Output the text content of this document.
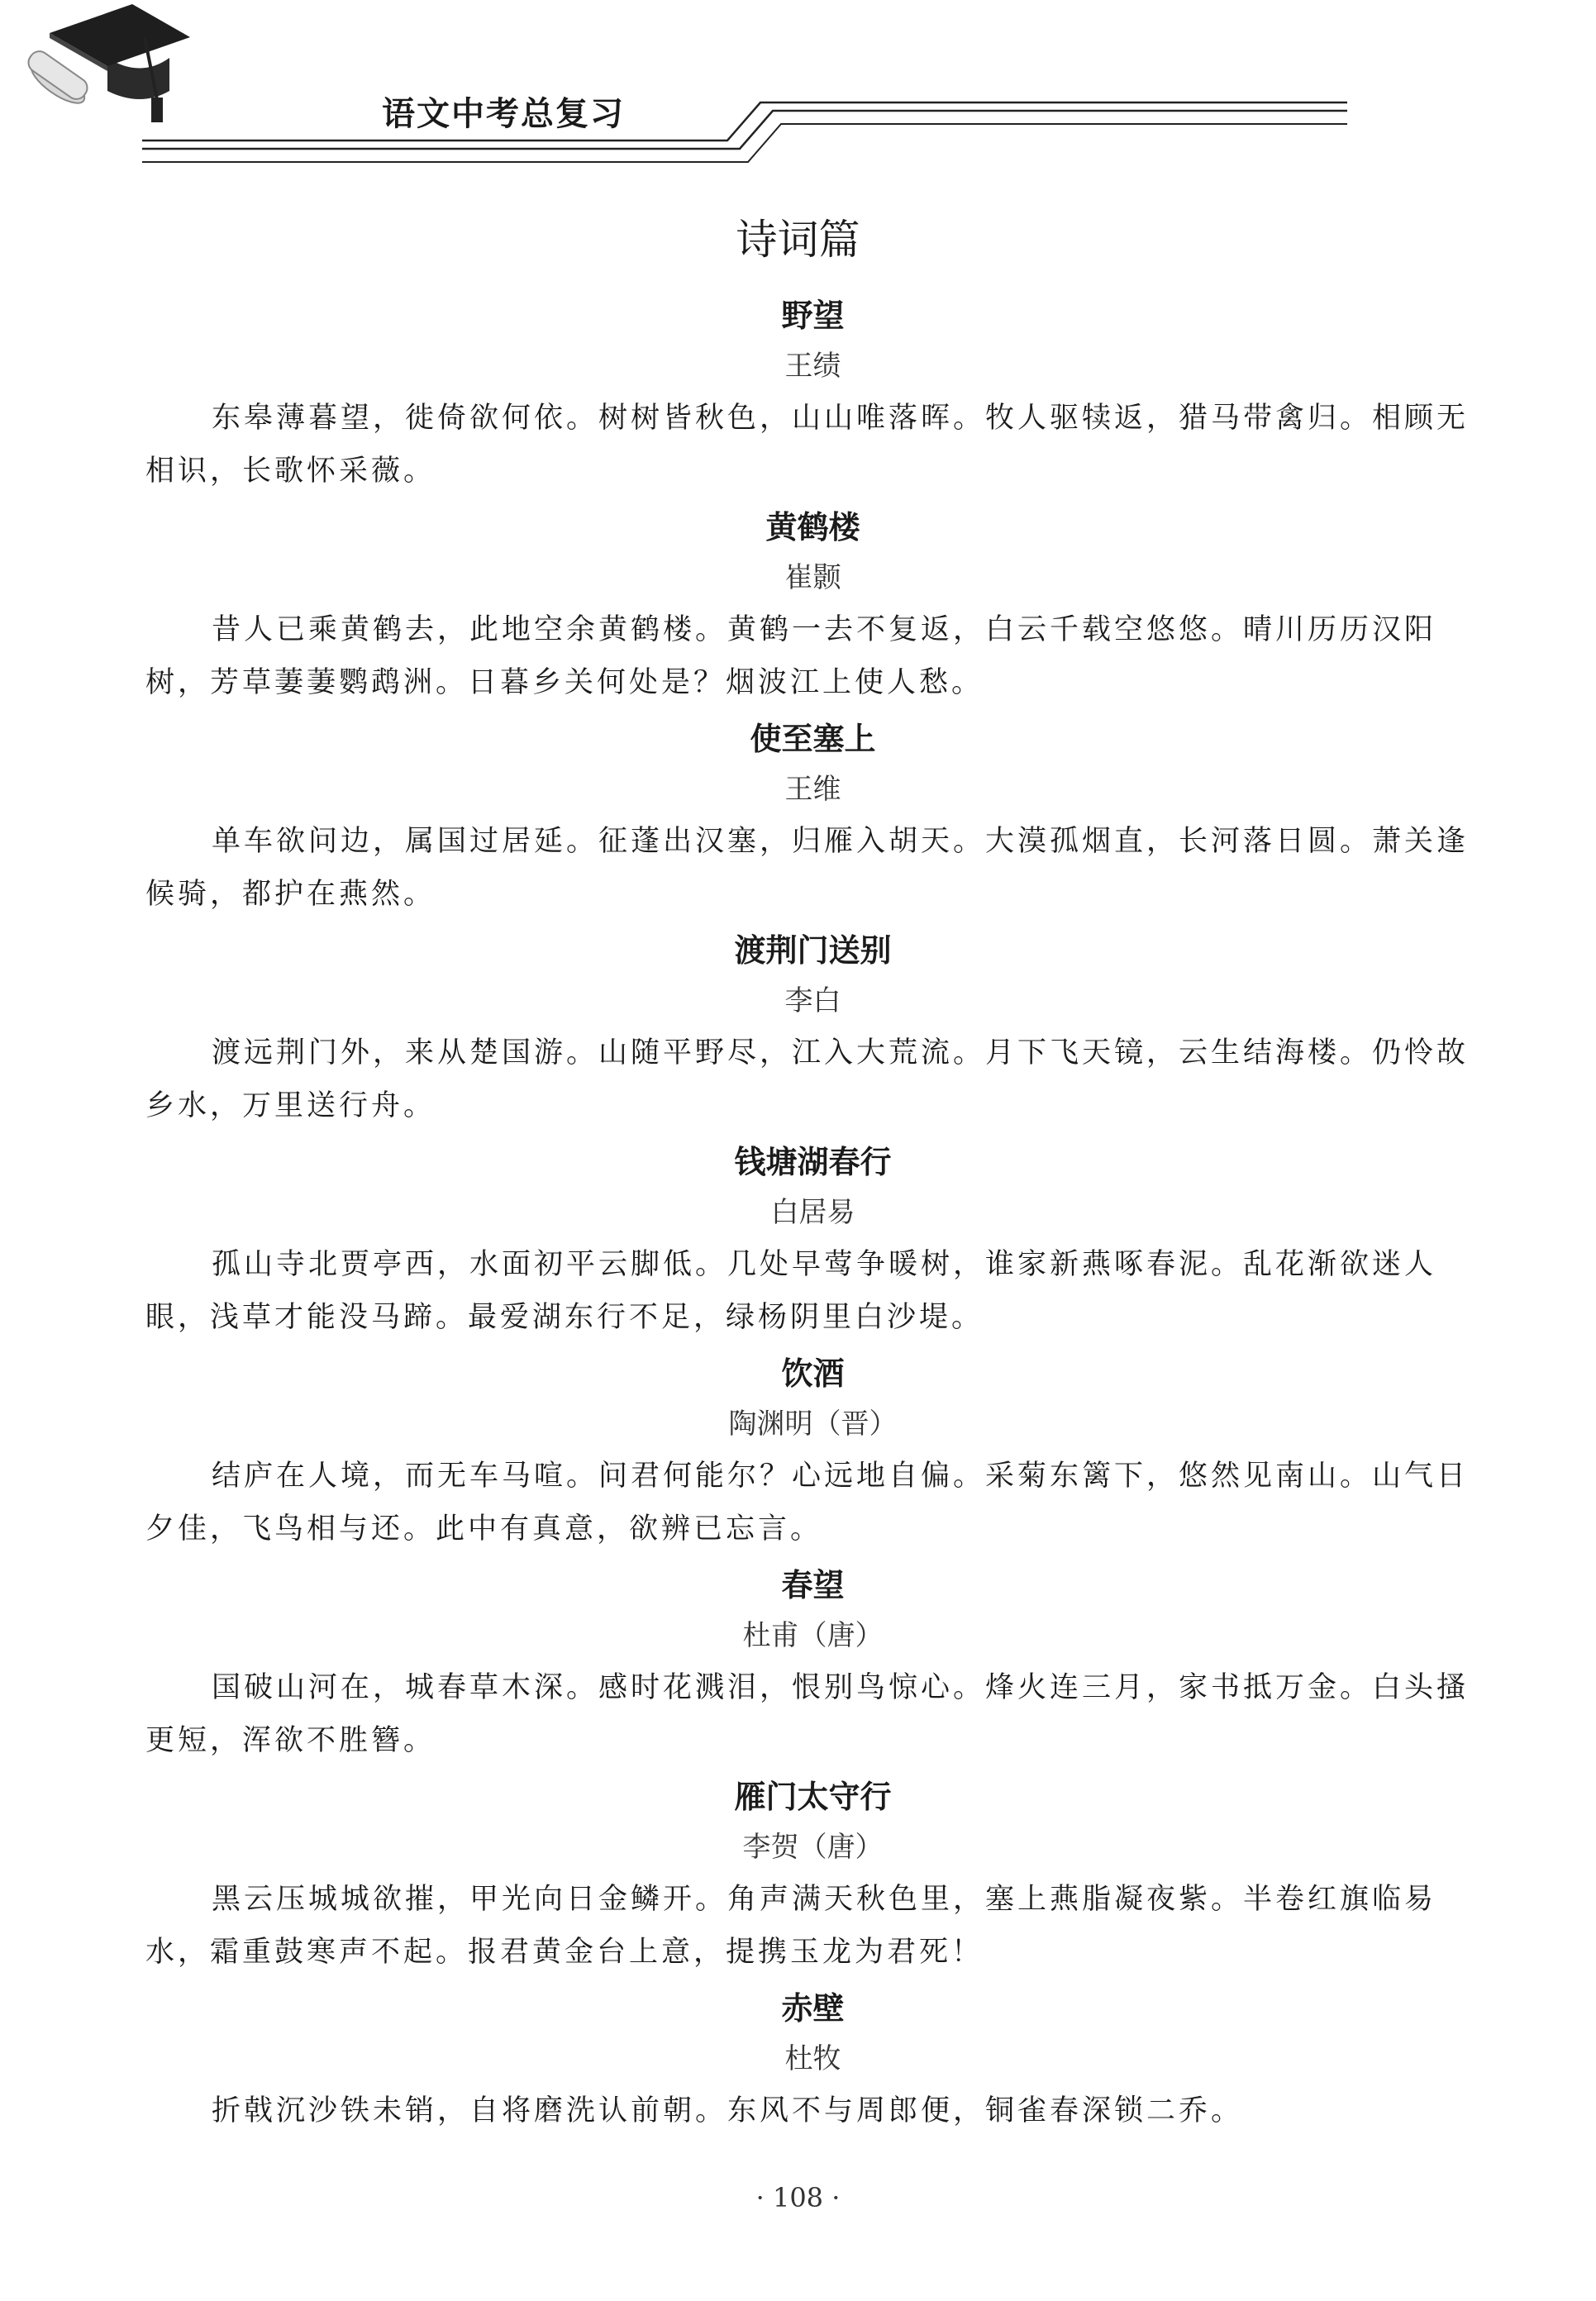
语文中考总复习
诗词篇
野望
王绩
东皋薄暮望，徙倚欲何依。树树皆秋色，山山唯落晖。牧人驱犊返，猎马带禽归。相顾无相识，长歌怀采薇。
黄鹤楼
崔颢
昔人已乘黄鹤去，此地空余黄鹤楼。黄鹤一去不复返，白云千载空悠悠。晴川历历汉阳树，芳草萋萋鹦鹉洲。日暮乡关何处是？烟波江上使人愁。
使至塞上
王维
单车欲问边，属国过居延。征蓬出汉塞，归雁入胡天。大漠孤烟直，长河落日圆。萧关逢候骑，都护在燕然。
渡荆门送别
李白
渡远荆门外，来从楚国游。山随平野尽，江入大荒流。月下飞天镜，云生结海楼。仍怜故乡水，万里送行舟。
钱塘湖春行
白居易
孤山寺北贾亭西，水面初平云脚低。几处早莺争暖树，谁家新燕啄春泥。乱花渐欲迷人眼，浅草才能没马蹄。最爱湖东行不足，绿杨阴里白沙堤。
饮酒
陶渊明（晋）
结庐在人境，而无车马喧。问君何能尔？心远地自偏。采菊东篱下，悠然见南山。山气日夕佳，飞鸟相与还。此中有真意，欲辨已忘言。
春望
杜甫（唐）
国破山河在，城春草木深。感时花溅泪，恨别鸟惊心。烽火连三月，家书抵万金。白头搔更短，浑欲不胜簪。
雁门太守行
李贺（唐）
黑云压城城欲摧，甲光向日金鳞开。角声满天秋色里，塞上燕脂凝夜紫。半卷红旗临易水，霜重鼓寒声不起。报君黄金台上意，提携玉龙为君死！
赤壁
杜牧
折戟沉沙铁未销，自将磨洗认前朝。东风不与周郎便，铜雀春深锁二乔。
· 108 ·
